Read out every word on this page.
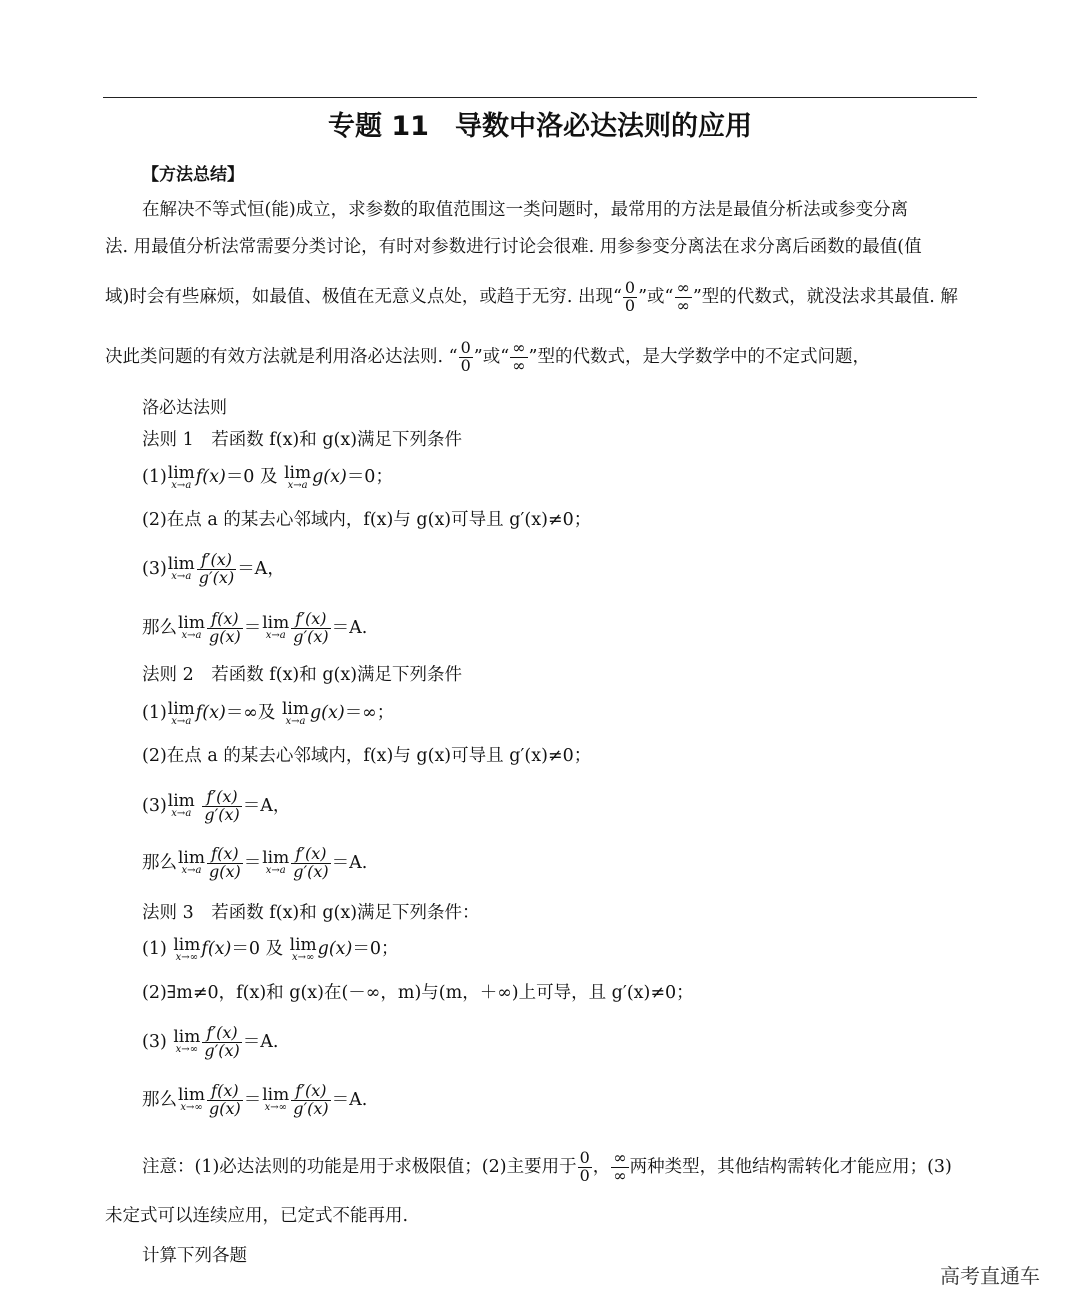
专题 11 导数中洛必达法则的应用
【方法总结】
在解决不等式恒(能)成立，求参数的取值范围这一类问题时，最常用的方法是最值分析法或参变分离
法. 用最值分析法常需要分类讨论，有时对参数进行讨论会很难. 用参参变分离法在求分离后函数的最值(值
域)时会有些麻烦，如最值、极值在无意义点处，或趋于无穷. 出现“ $\frac{0}{0}$ ”或“ $\frac{\infty}{\infty}$ ”型的代数式，就没法求其最值. 解
决此类问题的有效方法就是利用洛必达法则. “ $\frac{0}{0}$ ”或“ $\frac{\infty}{\infty}$ ”型的代数式，是大学数学中的不定式问题，
洛必达法则
法则 1　若函数 f(x)和 g(x)满足下列条件
(1) lim
x→a f(x)＝0 及 lim
x→a g(x)＝0；
(2)在点 a 的某去心邻域内，f(x)与 g(x)可导且 g′(x)≠0；
(3) lim
$x\to a \frac{f'(x)}{g'(x)} =A$，
那么 lim
$x\to a \frac{f(x)}{g(x)} = \lim$
$x\to a \frac{f'(x)}{g'(x)} =A$.
法则 2　若函数 f(x)和 g(x)满足下列条件
(1) lim
x→a f(x)＝∞及 lim
x→a g(x)＝∞；
(2)在点 a 的某去心邻域内，f(x)与 g(x)可导且 g′(x)≠0；
(3) lim
x→a
$\frac{f'(x)}{g'(x)} =A$，
那么 lim
$x\to a \frac{f(x)}{g(x)} = \lim$
$x\to a \frac{f'(x)}{g'(x)} =A$.
法则 3　若函数 f(x)和 g(x)满足下列条件：
(1) lim
x→∞ f(x)＝0 及 lim
x→∞ g(x)＝0；
(2)∃m≠0，f(x)和 g(x)在(－∞，m)与(m，＋∞)上可导，且 g′(x)≠0；
(3) lim
$x\to\infty \frac{f'(x)}{g'(x)} =A$.
那么 lim
$x\to\infty \frac{f(x)}{g(x)} = \lim$
$x\to\infty \frac{f'(x)}{g'(x)} =A$.
注意：(1)必达法则的功能是用于求极限值；(2)主要用于 $\frac{0}{0}$ ， $\frac{\infty}{\infty}$ 两种类型，其他结构需转化才能应用；(3)
未定式可以连续应用，已定式不能再用.
计算下列各题
高考直通车
